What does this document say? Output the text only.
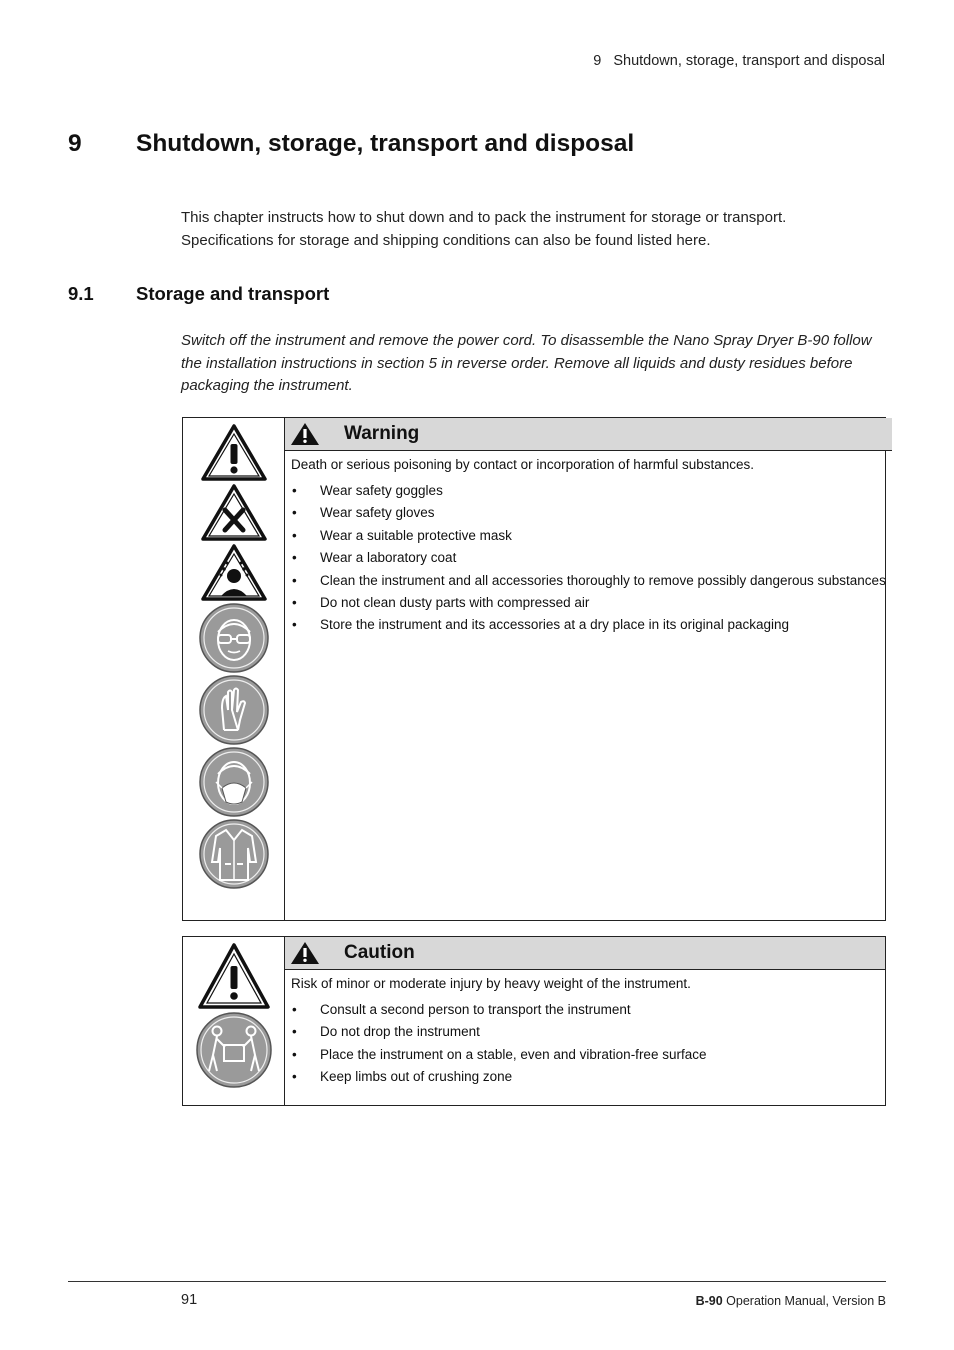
9 Shutdown, storage, transport and disposal
9 Shutdown, storage, transport and disposal

This chapter instructs how to shut down and to pack the instrument for storage or transport. Specifications for storage and shipping conditions can also be found listed here.

9.1 Storage and transport

Switch off the instrument and remove the power cord. To disassemble the Nano Spray Dryer B-90 follow the installation instructions in section 5 in reverse order. Remove all liquids and dusty residues before packaging the instrument.

Warning

Death or serious poisoning by contact or incorporation of harmful substances.

• Wear safety goggles
• Wear safety gloves
• Wear a suitable protective mask
• Wear a laboratory coat
• Clean the instrument and all accessories thoroughly to remove possibly dangerous substances
• Do not clean dusty parts with compressed air
• Store the instrument and its accessories at a dry place in its original packaging
Caution

Risk of minor or moderate injury by heavy weight of the instrument.

• Consult a second person to transport the instrument
• Do not drop the instrument
• Place the instrument on a stable, even and vibration-free surface
• Keep limbs out of crushing zone
91	B-90 Operation Manual, Version B
